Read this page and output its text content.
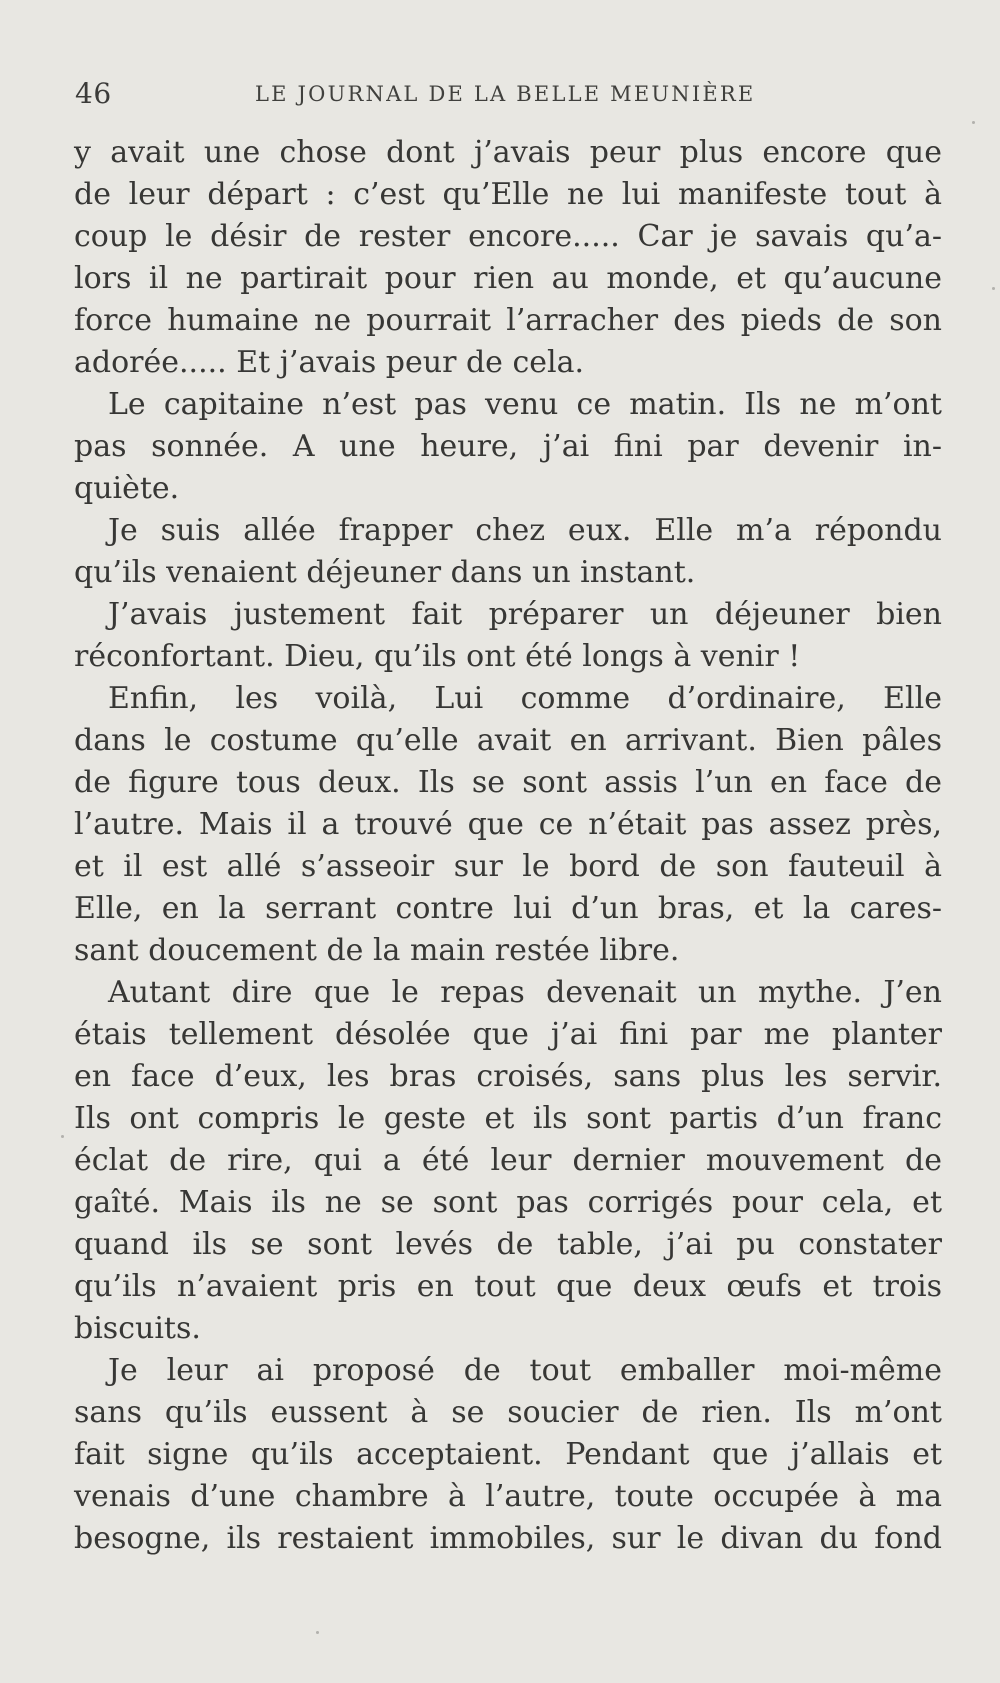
46	LE JOURNAL DE LA BELLE MEUNIÈRE
y avait une chose dont j’avais peur plus encore que
de leur départ : c’est qu’Elle ne lui manifeste tout à
coup le désir de rester encore..... Car je savais qu’a-
lors il ne partirait pour rien au monde, et qu’aucune
force humaine ne pourrait l’arracher des pieds de son
adorée..... Et j’avais peur de cela.
Le capitaine n’est pas venu ce matin. Ils ne m’ont
pas sonnée. A une heure, j’ai fini par devenir in-
quiète.
Je suis allée frapper chez eux. Elle m’a répondu
qu’ils venaient déjeuner dans un instant.
J’avais justement fait préparer un déjeuner bien
réconfortant. Dieu, qu’ils ont été longs à venir !
Enfin, les voilà, Lui comme d’ordinaire, Elle
dans le costume qu’elle avait en arrivant. Bien pâles
de figure tous deux. Ils se sont assis l’un en face de
l’autre. Mais il a trouvé que ce n’était pas assez près,
et il est allé s’asseoir sur le bord de son fauteuil à
Elle, en la serrant contre lui d’un bras, et la cares-
sant doucement de la main restée libre.
Autant dire que le repas devenait un mythe. J’en
étais tellement désolée que j’ai fini par me planter
en face d’eux, les bras croisés, sans plus les servir.
Ils ont compris le geste et ils sont partis d’un franc
éclat de rire, qui a été leur dernier mouvement de
gaîté. Mais ils ne se sont pas corrigés pour cela, et
quand ils se sont levés de table, j’ai pu constater
qu’ils n’avaient pris en tout que deux œufs et trois
biscuits.
Je leur ai proposé de tout emballer moi-même
sans qu’ils eussent à se soucier de rien. Ils m’ont
fait signe qu’ils acceptaient. Pendant que j’allais et
venais d’une chambre à l’autre, toute occupée à ma
besogne, ils restaient immobiles, sur le divan du fond
